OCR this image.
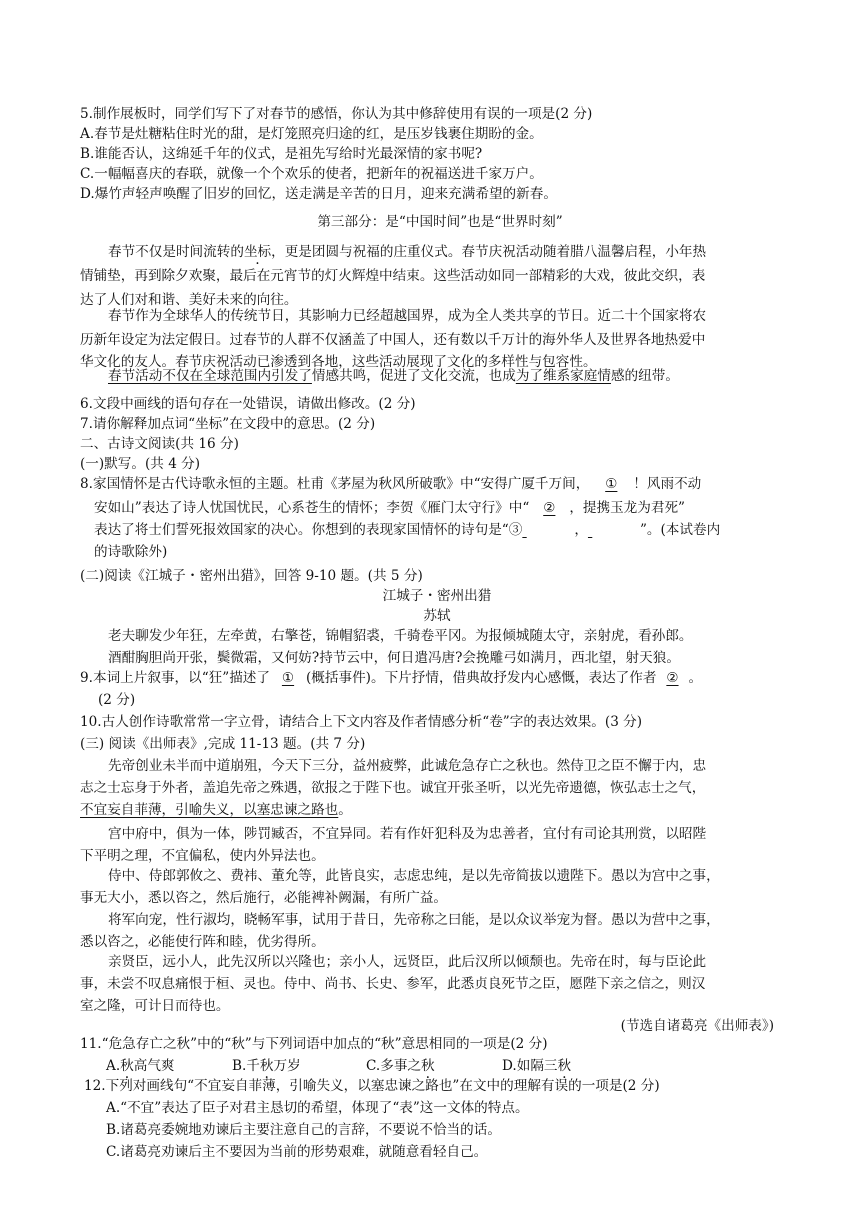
5.制作展板时，同学们写下了对春节的感悟，你认为其中修辞使用有误的一项是(2 分)
A.春节是灶糖粘住时光的甜，是灯笼照亮归途的红，是压岁钱裹住期盼的金。
B.谁能否认，这绵延千年的仪式，是祖先写给时光最深情的家书呢?
C.一幅幅喜庆的春联，就像一个个欢乐的使者，把新年的祝福送进千家万户。
D.爆竹声轻声唤醒了旧岁的回忆，送走满是辛苦的日月，迎来充满希望的新春。
第三部分：是“中国时间”也是“世界时刻”
春节不仅是时间流转的坐标，更是团圆与祝福的庄重仪式。春节庆祝活动随着腊八温馨启程，小年热
情铺垫，再到除夕欢聚，最后在元宵节的灯火辉煌中结束。这些活动如同一部精彩的大戏，彼此交织，表
达了人们对和谐、美好未来的向往。
春节作为全球华人的传统节日，其影响力已经超越国界，成为全人类共享的节日。近二十个国家将农
历新年设定为法定假日。过春节的人群不仅涵盖了中国人，还有数以千万计的海外华人及世界各地热爱中
华文化的友人。春节庆祝活动已渗透到各地，这些活动展现了文化的多样性与包容性。
春节活动不仅在全球范围内引发了情感共鸣，促进了文化交流，也成为了维系家庭情感的纽带。
6.文段中画线的语句存在一处错误，请做出修改。(2 分)
7.请你解释加点词“坐标”在文段中的意思。(2 分)
二、古诗文阅读(共 16 分)
(一)默写。(共 4 分)
8.家国情怀是古代诗歌永恒的主题。杜甫《茅屋为秋风所破歌》中“安得广厦千万间， ① ！风雨不动
安如山”表达了诗人忧国忧民，心系苍生的情怀；李贺《雁门太守行》中“ ② ，提携玉龙为君死”
表达了将士们誓死报效国家的决心。你想到的表现家国情怀的诗句是“③	，	”。(本试卷内
的诗歌除外)
(二)阅读《江城子・密州出猎》，回答 9-10 题。(共 5 分)
江城子・密州出猎
苏轼
老夫聊发少年狂，左牵黄，右擎苍，锦帽貂裘，千骑卷平冈。为报倾城随太守，亲射虎，看孙郎。
酒酣胸胆尚开张，鬓微霜，又何妨?持节云中，何日遣冯唐?会挽雕弓如满月，西北望，射天狼。
9.本词上片叙事，以“狂”描述了 ① (概括事件)。下片抒情，借典故抒发内心感慨，表达了作者 ② 。
(2 分)
10.古人创作诗歌常常一字立骨，请结合上下文内容及作者情感分析“卷”字的表达效果。(3 分)
(三) 阅读《出师表》,完成 11-13 题。(共 7 分)
先帝创业未半而中道崩殂，今天下三分，益州疲弊，此诚危急存亡之秋也。然侍卫之臣不懈于内，忠
志之士忘身于外者，盖追先帝之殊遇，欲报之于陛下也。诚宜开张圣听，以光先帝遗德，恢弘志士之气，
不宜妄自菲薄，引喻失义，以塞忠谏之路也。
宫中府中，俱为一体，陟罚臧否，不宜异同。若有作奸犯科及为忠善者，宜付有司论其刑赏，以昭陛
下平明之理，不宜偏私，使内外异法也。
侍中、侍郎郭攸之、费祎、董允等，此皆良实，志虑忠纯，是以先帝简拔以遗陛下。愚以为宫中之事，
事无大小，悉以咨之，然后施行，必能裨补阙漏，有所广益。
将军向宠，性行淑均，晓畅军事，试用于昔日，先帝称之曰能，是以众议举宠为督。愚以为营中之事，
悉以咨之，必能使行阵和睦，优劣得所。
亲贤臣，远小人，此先汉所以兴隆也；亲小人，远贤臣，此后汉所以倾颓也。先帝在时，每与臣论此
事，未尝不叹息痛恨于桓、灵也。侍中、尚书、长史、参军，此悉贞良死节之臣，愿陛下亲之信之，则汉
室之隆，可计日而待也。
(节选自诸葛亮《出师表》)
11.“危急存亡之秋”中的“秋”与下列词语中加点的“秋”意思相同的一项是(2 分)
A.秋高气爽	B.千秋万岁	C.多事之秋	D.如隔三秋
12.下列对画线句“不宜妄自菲薄，引喻失义，以塞忠谏之路也”在文中的理解有误的一项是(2 分)
A.“不宜”表达了臣子对君主恳切的希望，体现了“表”这一文体的特点。
B.诸葛亮委婉地劝谏后主要注意自己的言辞，不要说不恰当的话。
C.诸葛亮劝谏后主不要因为当前的形势艰难，就随意看轻自己。
